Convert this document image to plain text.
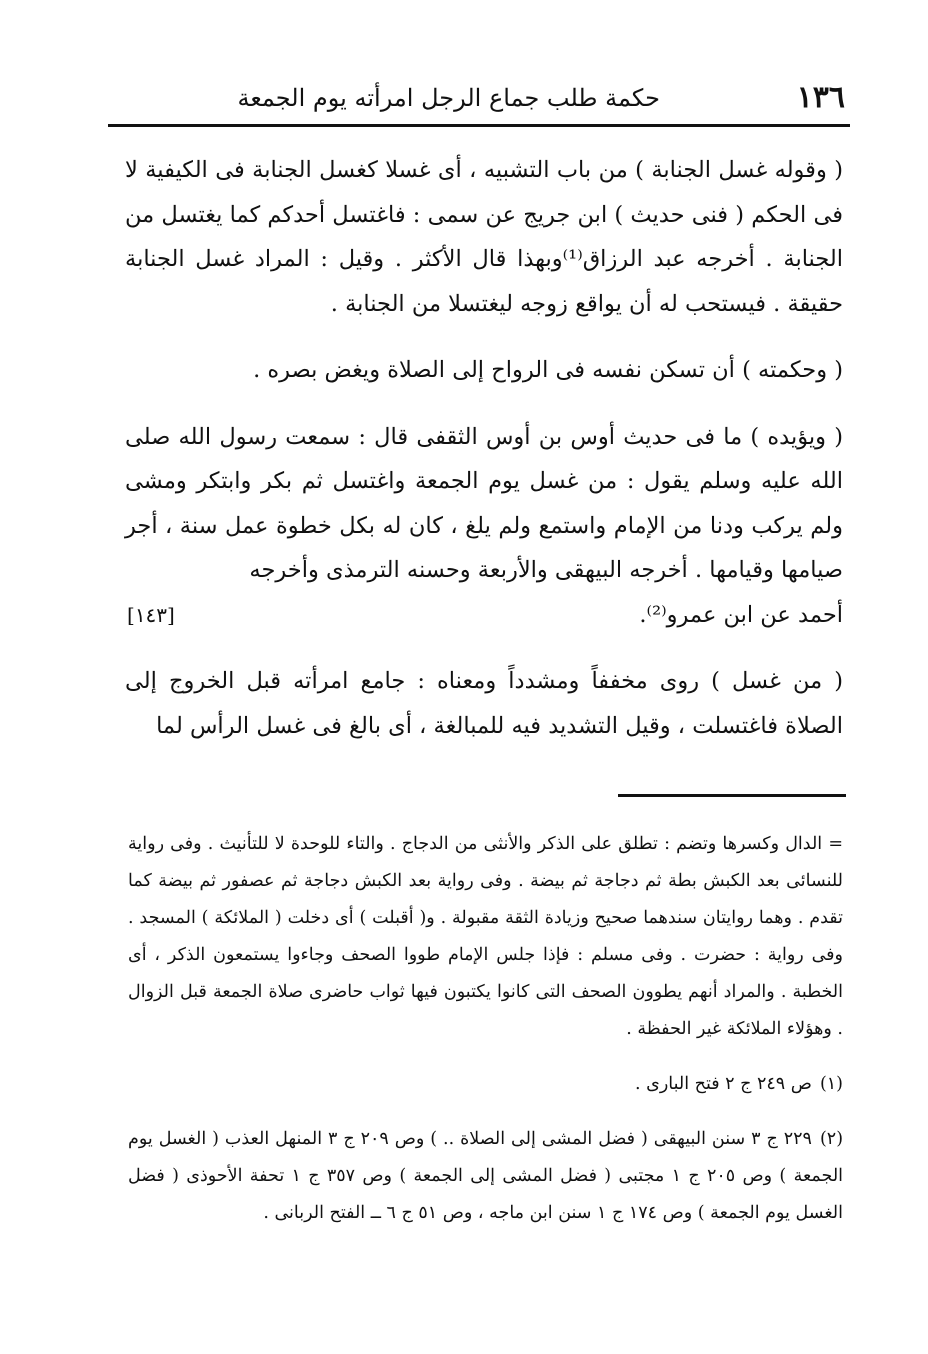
١٣٦
حكمة طلب جماع الرجل امرأته يوم الجمعة

( وقوله غسل الجنابة ) من باب التشبيه ، أى غسلا كغسل الجنابة فى الكيفية لا فى الحكم ( فنى حديث ) ابن جريج عن سمى : فاغتسل أحدكم كما يغتسل من الجنابة . أخرجه عبد الرزاق⁽¹⁾وبهذا قال الأكثر . وقيل : المراد غسل الجنابة حقيقة . فيستحب له أن يواقع زوجه ليغتسلا من الجنابة .

( وحكمته ) أن تسكن نفسه فى الرواح إلى الصلاة ويغض بصره .

( ويؤيده ) ما فى حديث أوس بن أوس الثقفى قال : سمعت رسول الله صلى الله عليه وسلم يقول : من غسل يوم الجمعة واغتسل ثم بكر وابتكر ومشى ولم يركب ودنا من الإمام واستمع ولم يلغ ، كان له بكل خطوة عمل سنة ، أجر صيامها وقيامها . أخرجه البيهقى والأربعة وحسنه الترمذى وأخرجه

أحمد عن ابن عمرو⁽²⁾.
[١٤٣]

( من غسل ) روى مخففاً ومشدداً ومعناه : جامع امرأته قبل الخروج إلى الصلاة فاغتسلت ، وقيل التشديد فيه للمبالغة ، أى بالغ فى غسل الرأس لما

= الدال وكسرها وتضم : تطلق على الذكر والأنثى من الدجاج . والتاء للوحدة لا للتأنيث . وفى رواية للنسائى بعد الكبش بطة ثم دجاجة ثم بيضة . وفى رواية بعد الكبش دجاجة ثم عصفور ثم بيضة كما تقدم . وهما روايتان سندهما صحيح وزيادة الثقة مقبولة . و( أقبلت ) أى دخلت ( الملائكة ) المسجد . وفى رواية : حضرت . وفى مسلم : فإذا جلس الإمام طووا الصحف وجاءوا يستمعون الذكر ، أى الخطبة . والمراد أنهم يطوون الصحف التى كانوا يكتبون فيها ثواب حاضرى صلاة الجمعة قبل الزوال . وهؤلاء الملائكة غير الحفظة .

(١)ص ٢٤٩ ج ٢ فتح البارى .

(٢)٢٢٩ ج ٣ سنن البيهقى ( فضل المشى إلى الصلاة .. ) وص ٢٠٩ ج ٣ المنهل العذب ( الغسل يوم الجمعة ) وص ٢٠٥ ج ١ مجتبى ( فضل المشى إلى الجمعة ) وص ٣٥٧ ج ١ تحفة الأحوذى ( فضل الغسل يوم الجمعة ) وص ١٧٤ ج ١ سنن ابن ماجه ، وص ٥١ ج ٦ ــ الفتح الربانى .
